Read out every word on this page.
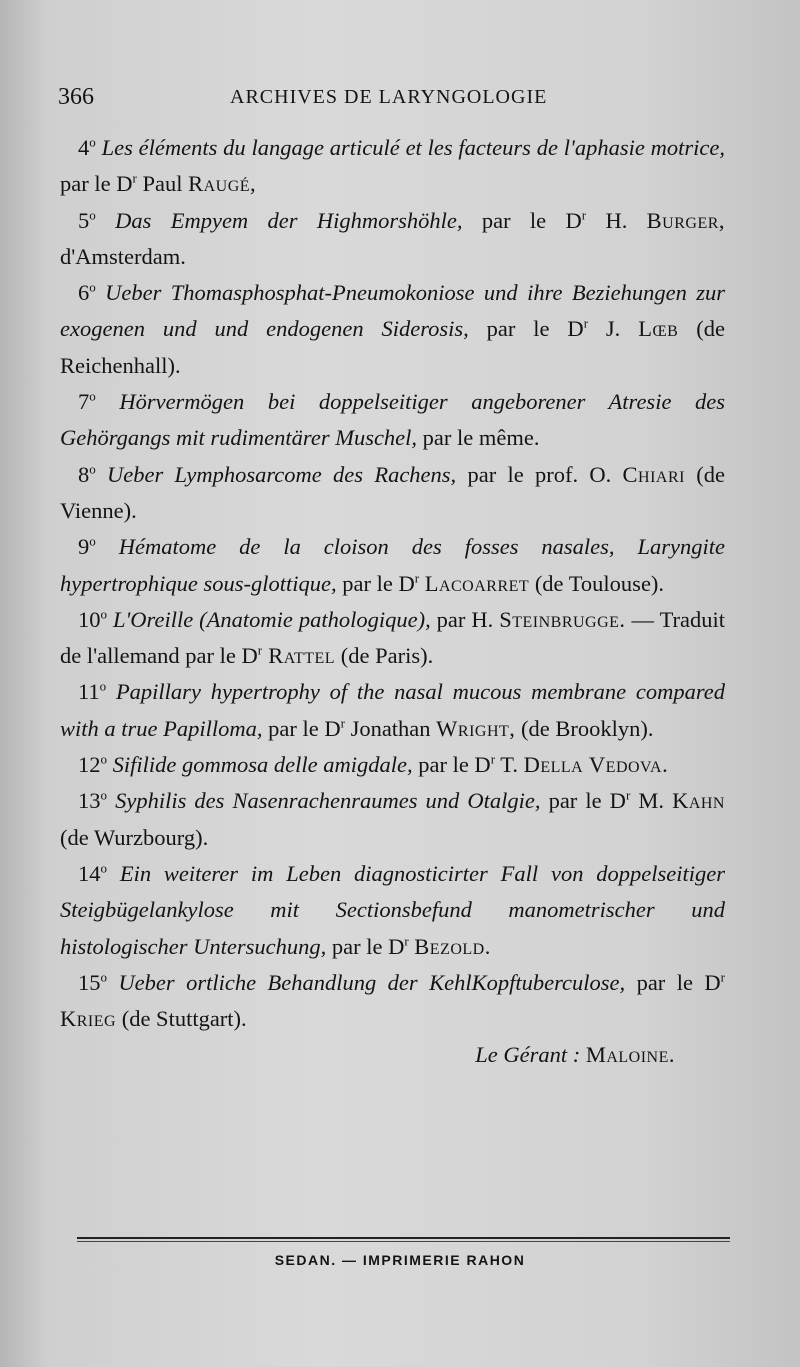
366	ARCHIVES DE LARYNGOLOGIE

4$^o$ Les éléments du langage articulé et les facteurs de l'aphasie motrice, par le $D^r$ Paul Raugé,

5$^o$ Das Empyem der Highmorshöhle, par le $D^r$ H. Burger, d'Amsterdam.

6$^o$ Ueber Thomasphosphat-Pneumokoniose und ihre Beziehungen zur exogenen und und endogenen Siderosis, par le $D^r$ J. Lœb (de Reichenhall).

7$^o$ Hörvermögen bei doppelseitiger angeborener Atresie des Gehörgangs mit rudimentärer Muschel, par le même.

8$^o$ Ueber Lymphosarcome des Rachens, par le prof. O. Chiari (de Vienne).

9$^o$ Hématome de la cloison des fosses nasales, Laryngite hypertrophique sous-glottique, par le $D^r$ Lacoarret (de Toulouse).

10$^o$ L'Oreille (Anatomie pathologique), par H. Steinbrugge. — Traduit de l'allemand par le $D^r$ Rattel (de Paris).

11$^o$ Papillary hypertrophy of the nasal mucous membrane compared with a true Papilloma, par le $D^r$ Jonathan Wright, (de Brooklyn).

12$^o$ Sifilide gommosa delle amigdale, par le $D^r$ T. Della Vedova.

13$^o$ Syphilis des Nasenrachenraumes und Otalgie, par le $D^r$ M. Kahn (de Wurzbourg).

14$^o$ Ein weiterer im Leben diagnosticirter Fall von doppelseitiger Steigbügelankylose mit Sectionsbefund manometrischer und histologischer Untersuchung, par le $D^r$ Bezold.

15$^o$ Ueber ortliche Behandlung der KehlKopftuberculose, par le $D^r$ Krieg (de Stuttgart).

Le Gérant : Maloine.

SEDAN. — IMPRIMERIE RAHON
